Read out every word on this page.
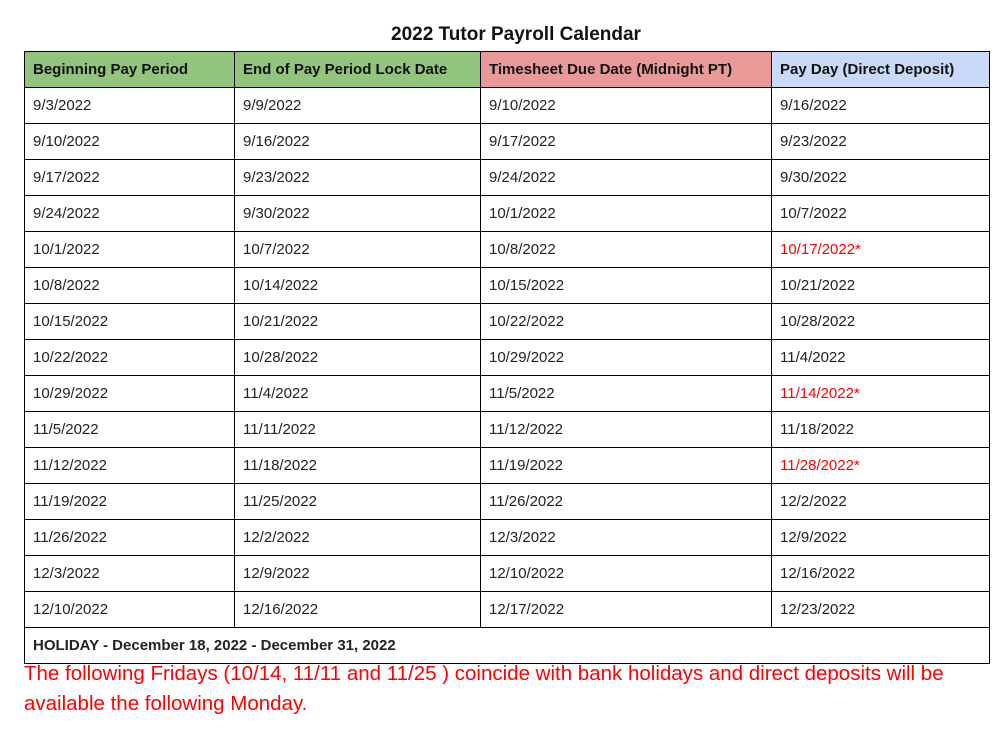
2022 Tutor Payroll Calendar
Beginning Pay Period	End of Pay Period Lock Date	Timesheet Due Date (Midnight PT)	Pay Day (Direct Deposit)
9/3/2022	9/9/2022	9/10/2022	9/16/2022
9/10/2022	9/16/2022	9/17/2022	9/23/2022
9/17/2022	9/23/2022	9/24/2022	9/30/2022
9/24/2022	9/30/2022	10/1/2022	10/7/2022
10/1/2022	10/7/2022	10/8/2022	10/17/2022*
10/8/2022	10/14/2022	10/15/2022	10/21/2022
10/15/2022	10/21/2022	10/22/2022	10/28/2022
10/22/2022	10/28/2022	10/29/2022	11/4/2022
10/29/2022	11/4/2022	11/5/2022	11/14/2022*
11/5/2022	11/11/2022	11/12/2022	11/18/2022
11/12/2022	11/18/2022	11/19/2022	11/28/2022*
11/19/2022	11/25/2022	11/26/2022	12/2/2022
11/26/2022	12/2/2022	12/3/2022	12/9/2022
12/3/2022	12/9/2022	12/10/2022	12/16/2022
12/10/2022	12/16/2022	12/17/2022	12/23/2022
HOLIDAY - December 18, 2022 - December 31, 2022			
The following Fridays (10/14, 11/11 and 11/25 ) coincide with bank holidays and direct deposits will be available the following Monday.
